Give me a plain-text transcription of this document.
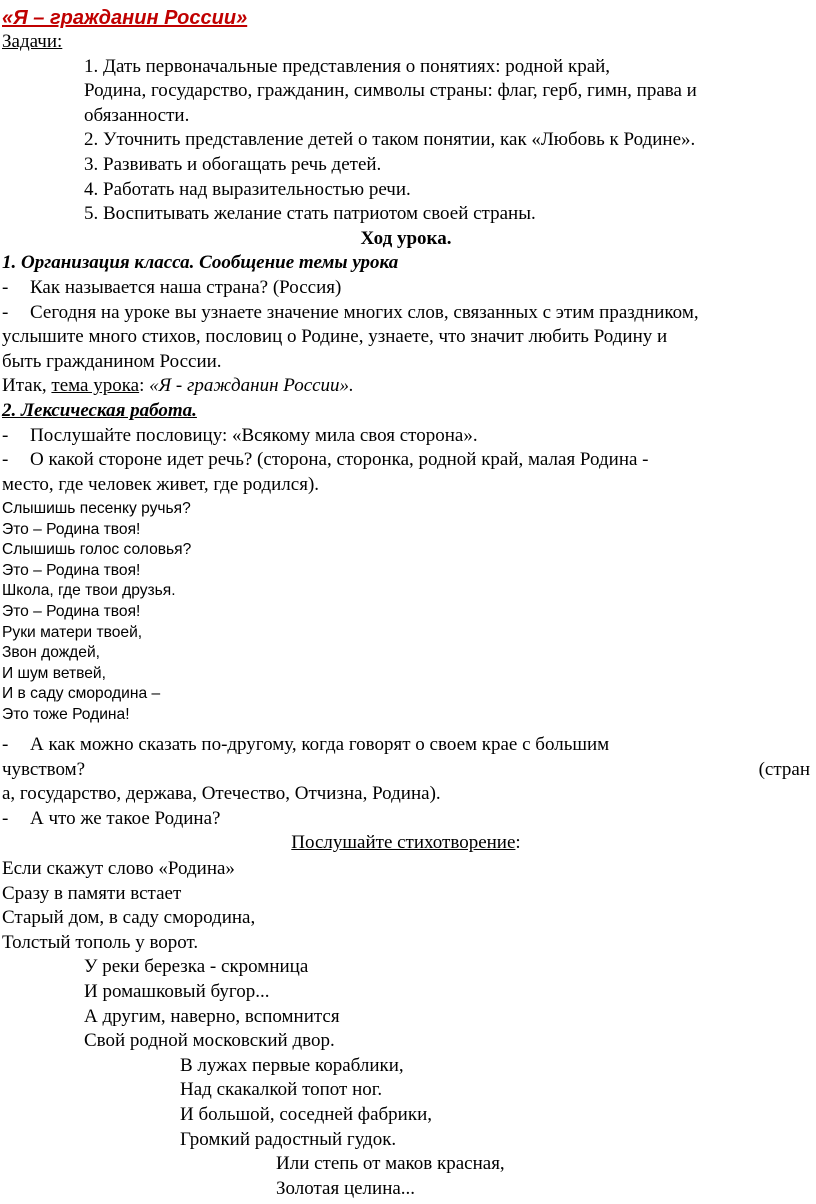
«Я – гражданин России»
Задачи:
1. Дать первоначальные представления о понятиях: родной край,
Родина, государство, гражданин, символы страны: флаг, герб, гимн, права и
обязанности.
2. Уточнить представление детей о таком понятии, как «Любовь к Родине».
3. Развивать и обогащать речь детей.
4. Работать над выразительностью речи.
5. Воспитывать желание стать патриотом своей страны.
Ход урока.
1. Организация класса. Сообщение темы урока
- Как называется наша страна? (Россия)
- Сегодня на уроке вы узнаете значение многих слов, связанных с этим праздником,
услышите много стихов, пословиц о Родине, узнаете, что значит любить Родину и
быть гражданином России.
Итак, тема урока: «Я - гражданин России».
2. Лексическая работа.
- Послушайте пословицу: «Всякому мила своя сторона».
- О какой стороне идет речь? (сторона, сторонка, родной край, малая Родина -
место, где человек живет, где родился).
Слышишь песенку ручья?
Это – Родина твоя!
Слышишь голос соловья?
Это – Родина твоя!
Школа, где твои друзья.
Это – Родина твоя!
Руки матери твоей,
Звон дождей,
И шум ветвей,
И в саду смородина –
Это тоже Родина!
- А как можно сказать по-другому, когда говорят о своем крае с большим
чувством?	(стран
а, государство, держава, Отечество, Отчизна, Родина).
- А что же такое Родина?
Послушайте стихотворение:
Если скажут слово «Родина»
Сразу в памяти встает
Старый дом, в саду смородина,
Толстый тополь у ворот.
У реки березка - скромница
И ромашковый бугор...
А другим, наверно, вспомнится
Свой родной московский двор.
В лужах первые кораблики,
Над скакалкой топот ног.
И большой, соседней фабрики,
Громкий радостный гудок.
Или степь от маков красная,
Золотая целина...
